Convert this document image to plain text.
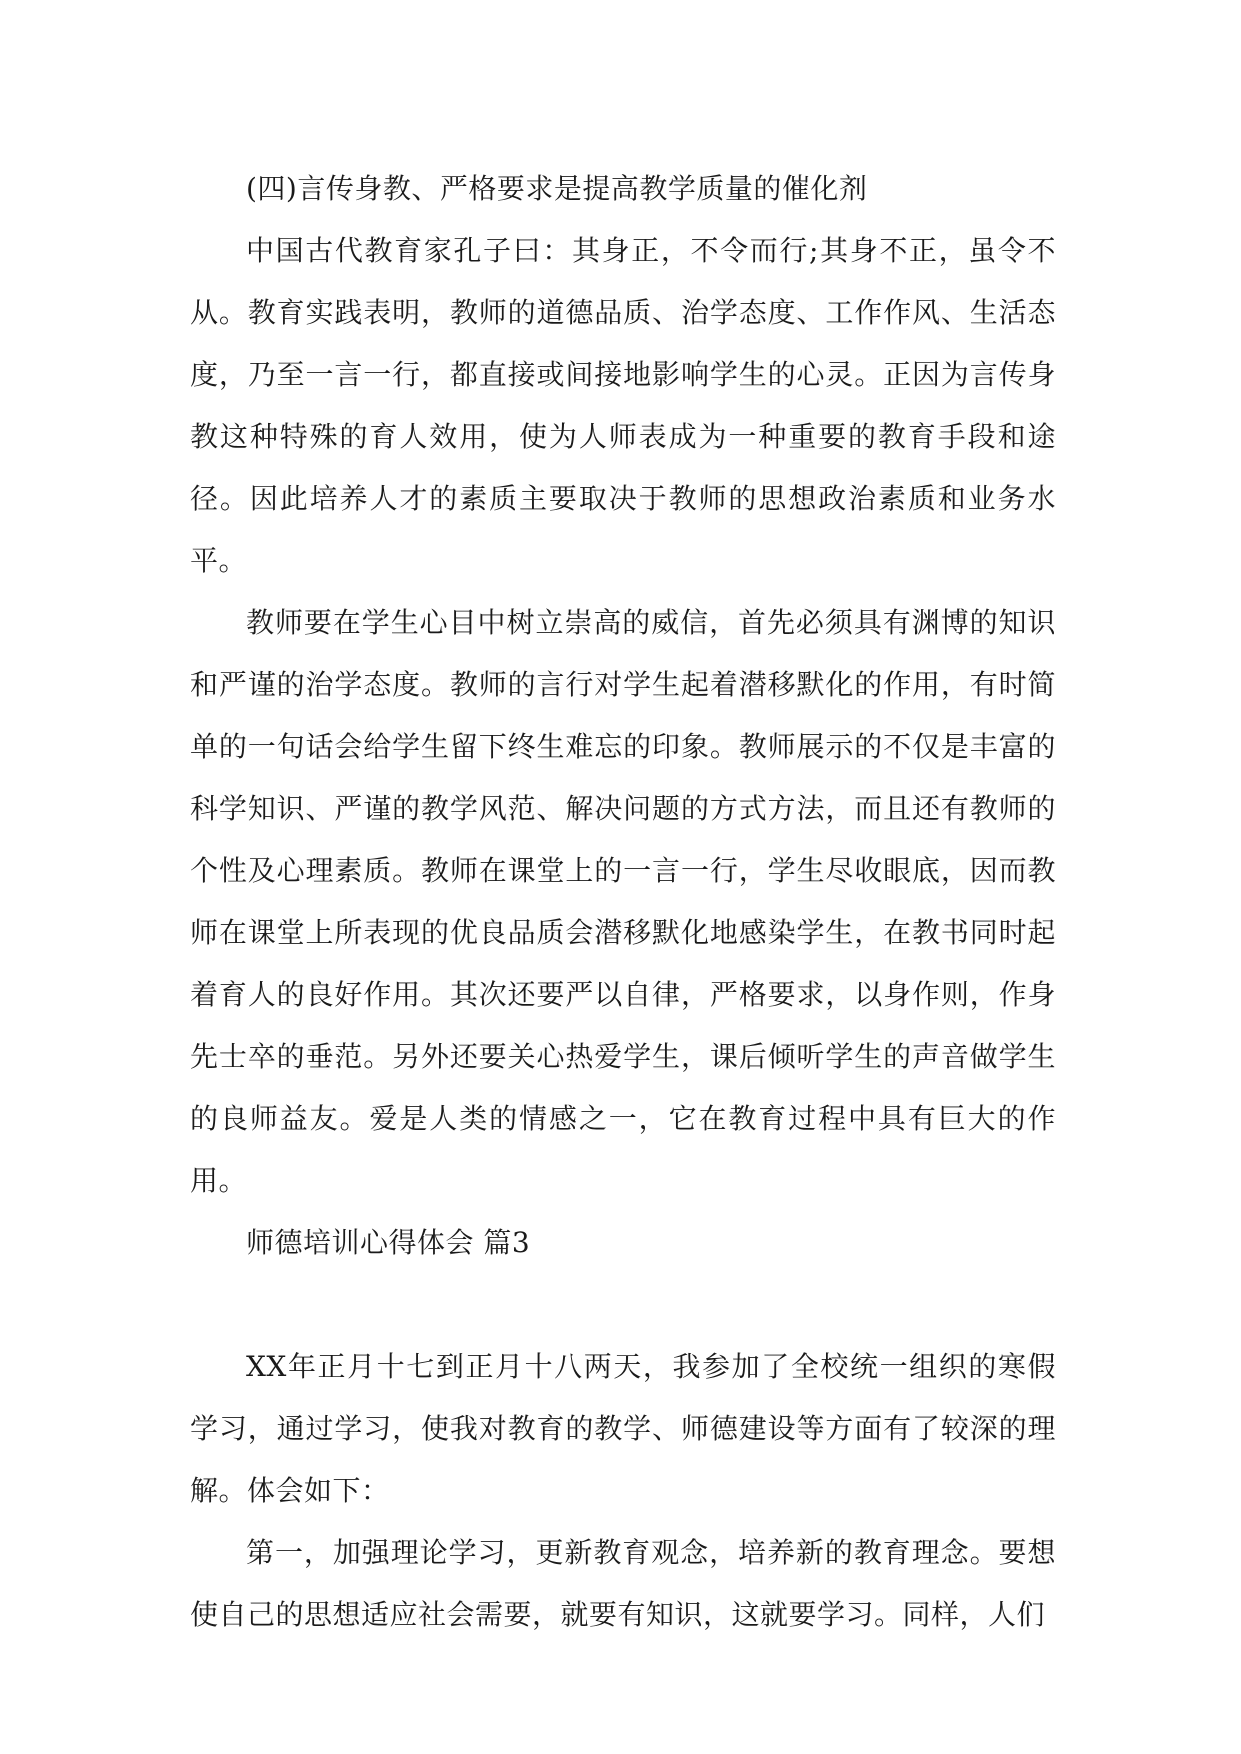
(四)言传身教、严格要求是提高教学质量的催化剂

中国古代教育家孔子曰：其身正，不令而行;其身不正，虽令不从。教育实践表明，教师的道德品质、治学态度、工作作风、生活态度，乃至一言一行，都直接或间接地影响学生的心灵。正因为言传身教这种特殊的育人效用，使为人师表成为一种重要的教育手段和途径。因此培养人才的素质主要取决于教师的思想政治素质和业务水平。

教师要在学生心目中树立崇高的威信，首先必须具有渊博的知识和严谨的治学态度。教师的言行对学生起着潜移默化的作用，有时简单的一句话会给学生留下终生难忘的印象。教师展示的不仅是丰富的科学知识、严谨的教学风范、解决问题的方式方法，而且还有教师的个性及心理素质。教师在课堂上的一言一行，学生尽收眼底，因而教师在课堂上所表现的优良品质会潜移默化地感染学生，在教书同时起着育人的良好作用。其次还要严以自律，严格要求，以身作则，作身先士卒的垂范。另外还要关心热爱学生，课后倾听学生的声音做学生的良师益友。爱是人类的情感之一，它在教育过程中具有巨大的作用。

师德培训心得体会 篇3

XX年正月十七到正月十八两天，我参加了全校统一组织的寒假学习，通过学习，使我对教育的教学、师德建设等方面有了较深的理解。体会如下：

第一，加强理论学习，更新教育观念，培养新的教育理念。要想使自己的思想适应社会需要，就要有知识，这就要学习。同样，人们
